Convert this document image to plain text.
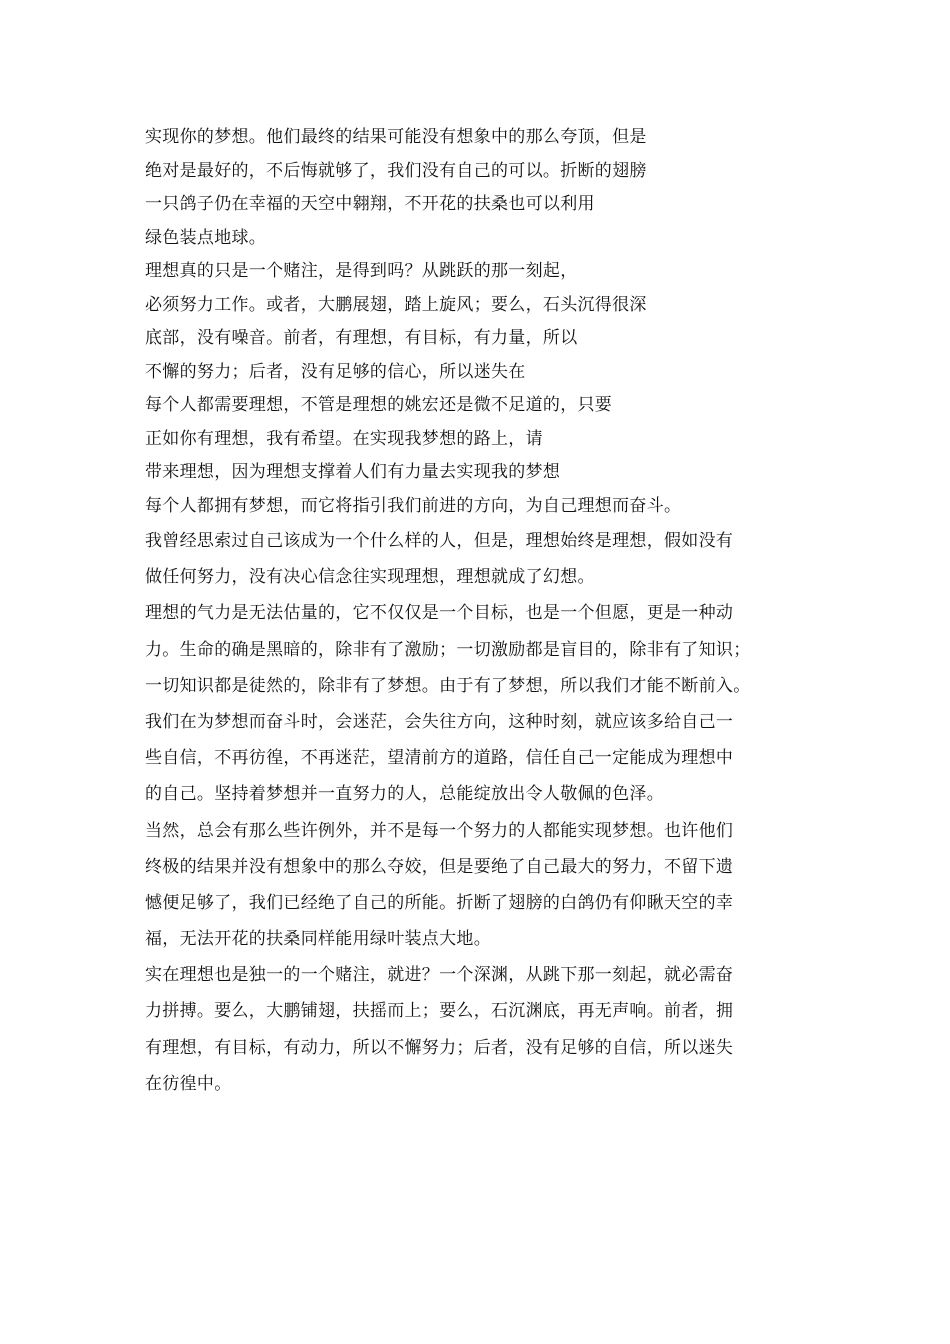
实现你的梦想。他们最终的结果可能没有想象中的那么夸顶，但是
绝对是最好的，不后悔就够了，我们没有自己的可以。折断的翅膀
一只鸽子仍在幸福的天空中翱翔，不开花的扶桑也可以利用
绿色装点地球。
理想真的只是一个赌注，是得到吗？从跳跃的那一刻起，
必须努力工作。或者，大鹏展翅，踏上旋风；要么，石头沉得很深
底部，没有噪音。前者，有理想，有目标，有力量，所以
不懈的努力；后者，没有足够的信心，所以迷失在
每个人都需要理想，不管是理想的姚宏还是微不足道的，只要
正如你有理想，我有希望。在实现我梦想的路上，请
带来理想，因为理想支撑着人们有力量去实现我的梦想
每个人都拥有梦想，而它将指引我们前进的方向，为自己理想而奋斗。
我曾经思索过自己该成为一个什么样的人，但是，理想始终是理想，假如没有
做任何努力，没有决心信念往实现理想，理想就成了幻想。
理想的气力是无法估量的，它不仅仅是一个目标，也是一个但愿，更是一种动
力。生命的确是黑暗的，除非有了激励；一切激励都是盲目的，除非有了知识；
一切知识都是徒然的，除非有了梦想。由于有了梦想，所以我们才能不断前入。
我们在为梦想而奋斗时，会迷茫，会失往方向，这种时刻，就应该多给自己一
些自信，不再彷徨，不再迷茫，望清前方的道路，信任自己一定能成为理想中
的自己。坚持着梦想并一直努力的人，总能绽放出令人敬佩的色泽。
当然，总会有那么些许例外，并不是每一个努力的人都能实现梦想。也许他们
终极的结果并没有想象中的那么夺姣，但是要绝了自己最大的努力，不留下遗
憾便足够了，我们已经绝了自己的所能。折断了翅膀的白鸽仍有仰瞅天空的幸
福，无法开花的扶桑同样能用绿叶装点大地。
实在理想也是独一的一个赌注，就进？一个深渊，从跳下那一刻起，就必需奋
力拼搏。要么，大鹏铺翅，扶摇而上；要么，石沉渊底，再无声响。前者，拥
有理想，有目标，有动力，所以不懈努力；后者，没有足够的自信，所以迷失
在彷徨中。
